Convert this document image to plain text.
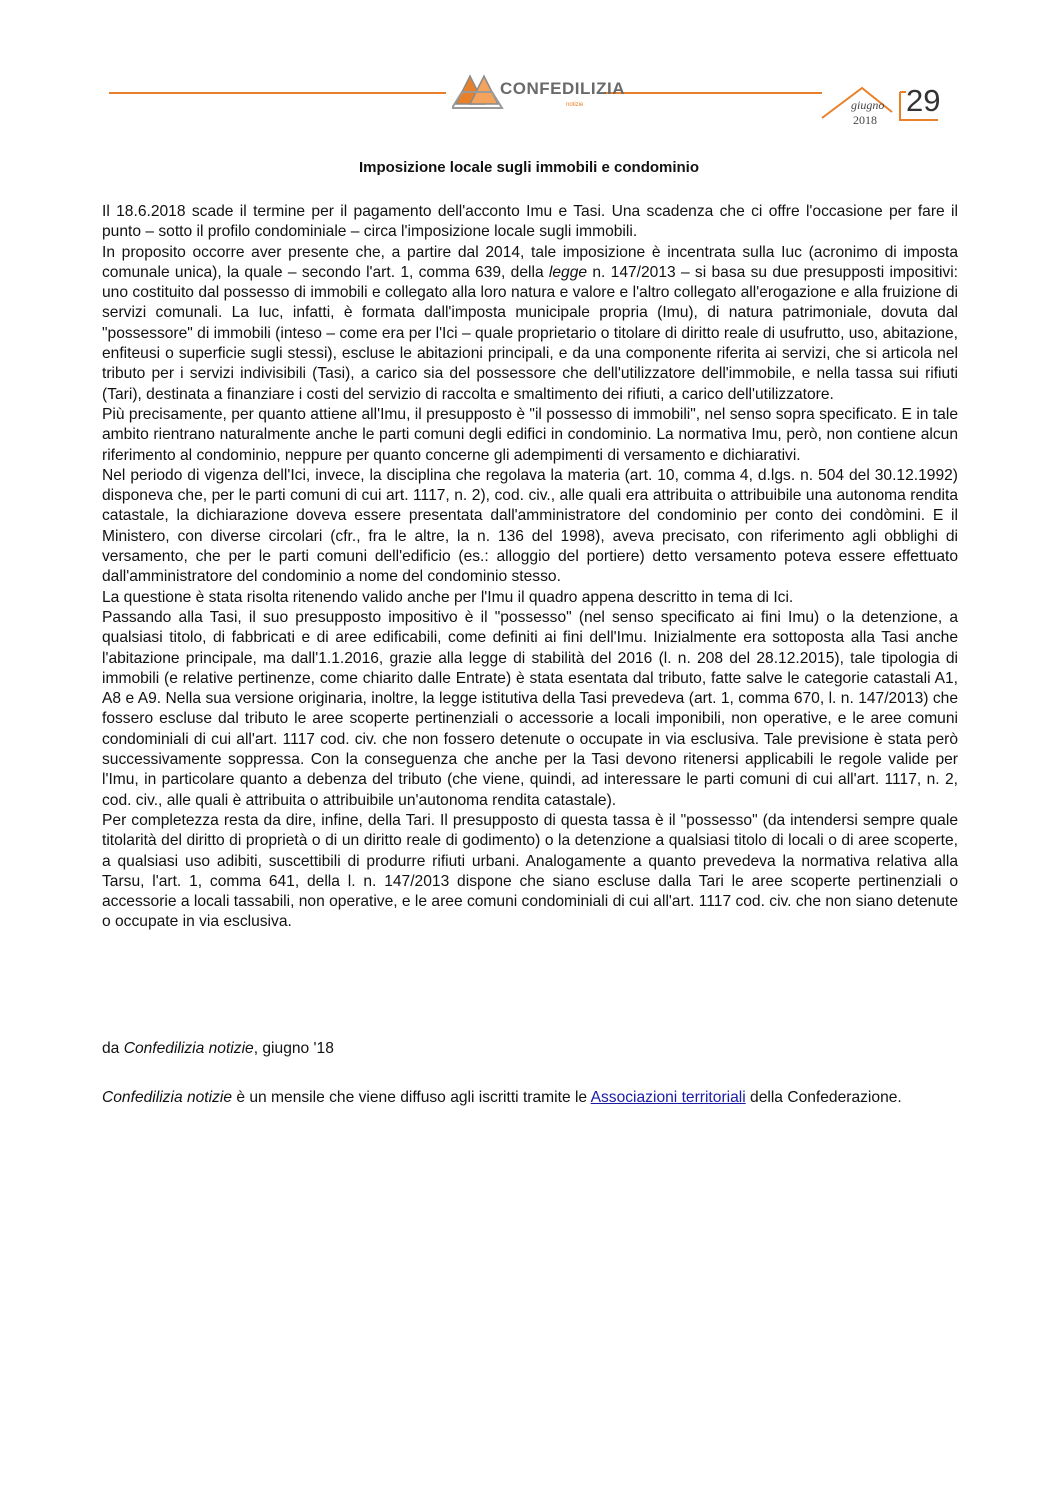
CONFEDILIZIA
notizie	giugno
2018
29
Imposizione locale sugli immobili e condominio

Il 18.6.2018 scade il termine per il pagamento dell'acconto Imu e Tasi. Una scadenza che ci offre l'occasione per fare il punto – sotto il profilo condominiale – circa l'imposizione locale sugli immobili.

In proposito occorre aver presente che, a partire dal 2014, tale imposizione è incentrata sulla Iuc (acronimo di imposta comunale unica), la quale – secondo l'art. 1, comma 639, della legge n. 147/2013 – si basa su due presupposti impositivi: uno costituito dal possesso di immobili e collegato alla loro natura e valore e l'altro collegato all'erogazione e alla fruizione di servizi comunali. La Iuc, infatti, è formata dall'imposta municipale propria (Imu), di natura patrimoniale, dovuta dal "possessore" di immobili (inteso – come era per l'Ici – quale proprietario o titolare di diritto reale di usufrutto, uso, abitazione, enfiteusi o superficie sugli stessi), escluse le abitazioni principali, e da una componente riferita ai servizi, che si articola nel tributo per i servizi indivisibili (Tasi), a carico sia del possessore che dell'utilizzatore dell'immobile, e nella tassa sui rifiuti (Tari), destinata a finanziare i costi del servizio di raccolta e smaltimento dei rifiuti, a carico dell'utilizzatore.

Più precisamente, per quanto attiene all'Imu, il presupposto è "il possesso di immobili", nel senso sopra specificato. E in tale ambito rientrano naturalmente anche le parti comuni degli edifici in condominio. La normativa Imu, però, non contiene alcun riferimento al condominio, neppure per quanto concerne gli adempimenti di versamento e dichiarativi.

Nel periodo di vigenza dell'Ici, invece, la disciplina che regolava la materia (art. 10, comma 4, d.lgs. n. 504 del 30.12.1992) disponeva che, per le parti comuni di cui art. 1117, n. 2), cod. civ., alle quali era attribuita o attribuibile una autonoma rendita catastale, la dichiarazione doveva essere presentata dall'amministratore del condominio per conto dei condòmini. E il Ministero, con diverse circolari (cfr., fra le altre, la n. 136 del 1998), aveva precisato, con riferimento agli obblighi di versamento, che per le parti comuni dell'edificio (es.: alloggio del portiere) detto versamento poteva essere effettuato dall'amministratore del condominio a nome del condominio stesso.

La questione è stata risolta ritenendo valido anche per l'Imu il quadro appena descritto in tema di Ici.

Passando alla Tasi, il suo presupposto impositivo è il "possesso" (nel senso specificato ai fini Imu) o la detenzione, a qualsiasi titolo, di fabbricati e di aree edificabili, come definiti ai fini dell'Imu. Inizialmente era sottoposta alla Tasi anche l'abitazione principale, ma dall'1.1.2016, grazie alla legge di stabilità del 2016 (l. n. 208 del 28.12.2015), tale tipologia di immobili (e relative pertinenze, come chiarito dalle Entrate) è stata esentata dal tributo, fatte salve le categorie catastali A1, A8 e A9. Nella sua versione originaria, inoltre, la legge istitutiva della Tasi prevedeva (art. 1, comma 670, l. n. 147/2013) che fossero escluse dal tributo le aree scoperte pertinenziali o accessorie a locali imponibili, non operative, e le aree comuni condominiali di cui all'art. 1117 cod. civ. che non fossero detenute o occupate in via esclusiva. Tale previsione è stata però successivamente soppressa. Con la conseguenza che anche per la Tasi devono ritenersi applicabili le regole valide per l'Imu, in particolare quanto a debenza del tributo (che viene, quindi, ad interessare le parti comuni di cui all'art. 1117, n. 2, cod. civ., alle quali è attribuita o attribuibile un'autonoma rendita catastale).

Per completezza resta da dire, infine, della Tari. Il presupposto di questa tassa è il "possesso" (da intendersi sempre quale titolarità del diritto di proprietà o di un diritto reale di godimento) o la detenzione a qualsiasi titolo di locali o di aree scoperte, a qualsiasi uso adibiti, suscettibili di produrre rifiuti urbani. Analogamente a quanto prevedeva la normativa relativa alla Tarsu, l'art. 1, comma 641, della l. n. 147/2013 dispone che siano escluse dalla Tari le aree scoperte pertinenziali o accessorie a locali tassabili, non operative, e le aree comuni condominiali di cui all'art. 1117 cod. civ. che non siano detenute o occupate in via esclusiva.

da Confedilizia notizie, giugno '18
Confedilizia notizie è un mensile che viene diffuso agli iscritti tramite le Associazioni territoriali della Confederazione.
